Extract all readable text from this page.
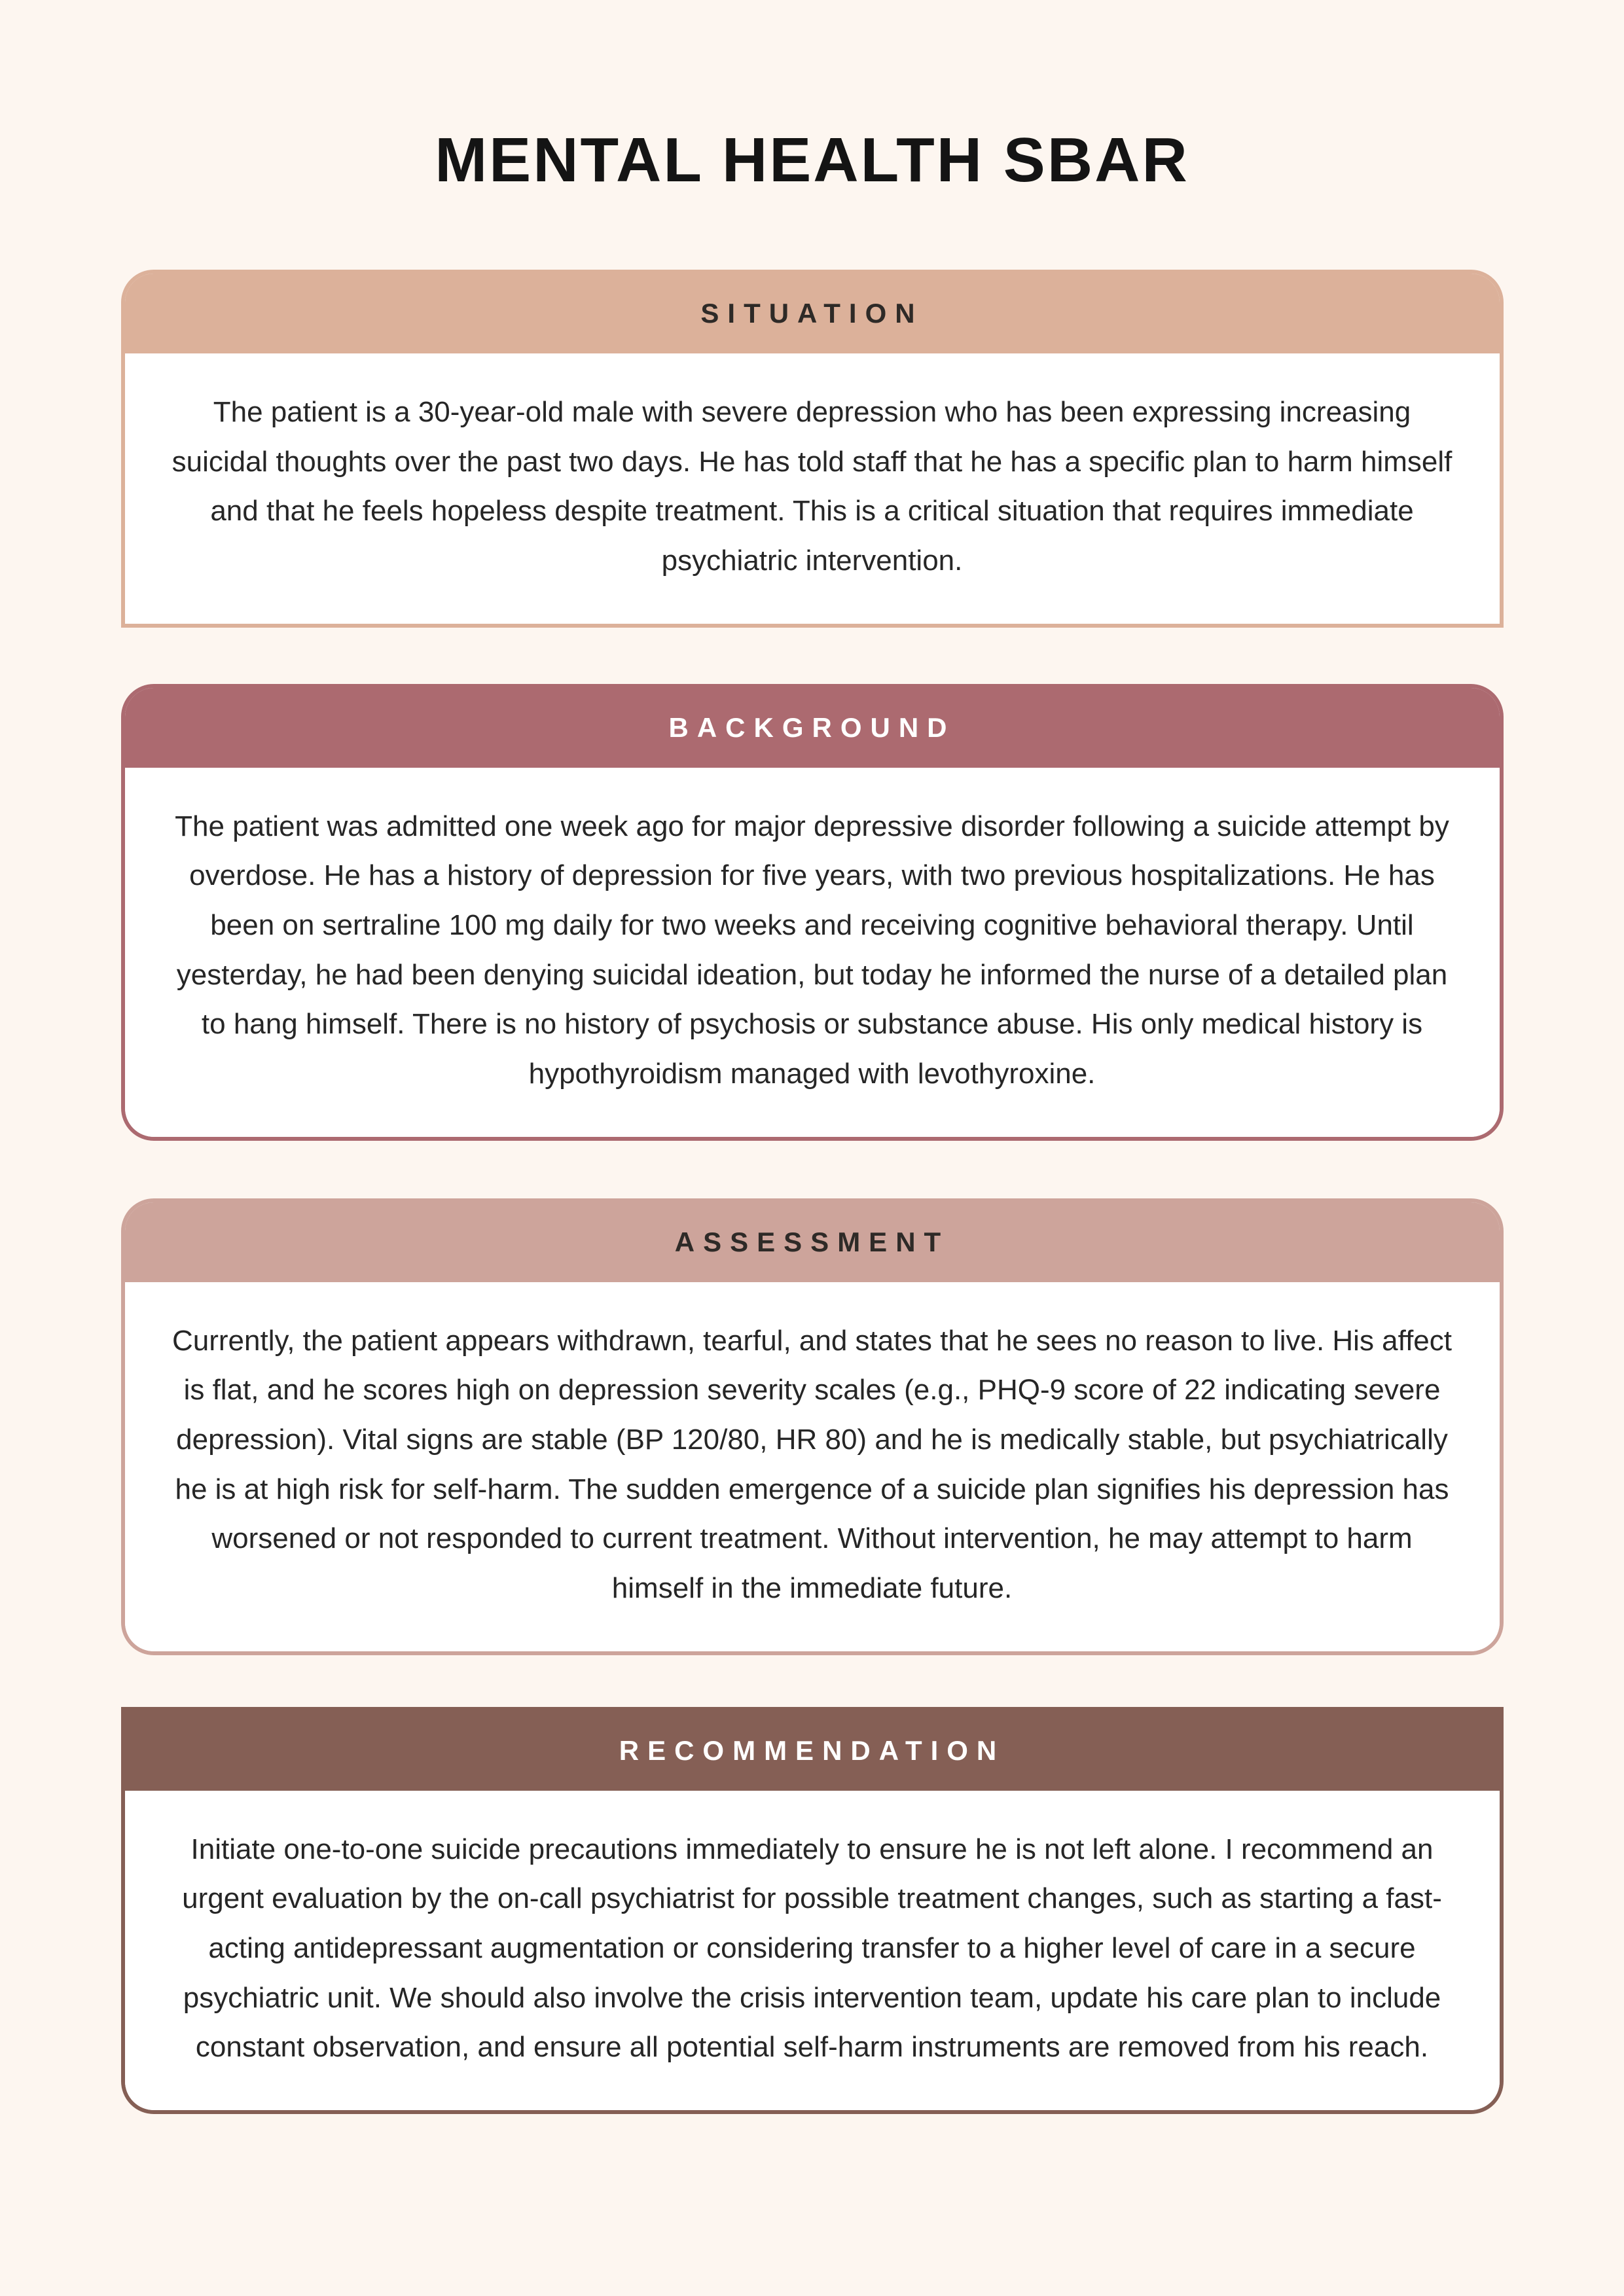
MENTAL HEALTH SBAR
SITUATION
The patient is a 30-year-old male with severe depression who has been expressing increasing suicidal thoughts over the past two days. He has told staff that he has a specific plan to harm himself and that he feels hopeless despite treatment. This is a critical situation that requires immediate psychiatric intervention.
BACKGROUND
The patient was admitted one week ago for major depressive disorder following a suicide attempt by overdose. He has a history of depression for five years, with two previous hospitalizations. He has been on sertraline 100 mg daily for two weeks and receiving cognitive behavioral therapy. Until yesterday, he had been denying suicidal ideation, but today he informed the nurse of a detailed plan to hang himself. There is no history of psychosis or substance abuse. His only medical history is hypothyroidism managed with levothyroxine.
ASSESSMENT
Currently, the patient appears withdrawn, tearful, and states that he sees no reason to live. His affect is flat, and he scores high on depression severity scales (e.g., PHQ-9 score of 22 indicating severe depression). Vital signs are stable (BP 120/80, HR 80) and he is medically stable, but psychiatrically he is at high risk for self-harm. The sudden emergence of a suicide plan signifies his depression has worsened or not responded to current treatment. Without intervention, he may attempt to harm himself in the immediate future.
RECOMMENDATION
Initiate one-to-one suicide precautions immediately to ensure he is not left alone. I recommend an urgent evaluation by the on-call psychiatrist for possible treatment changes, such as starting a fast-acting antidepressant augmentation or considering transfer to a higher level of care in a secure psychiatric unit. We should also involve the crisis intervention team, update his care plan to include constant observation, and ensure all potential self-harm instruments are removed from his reach.
